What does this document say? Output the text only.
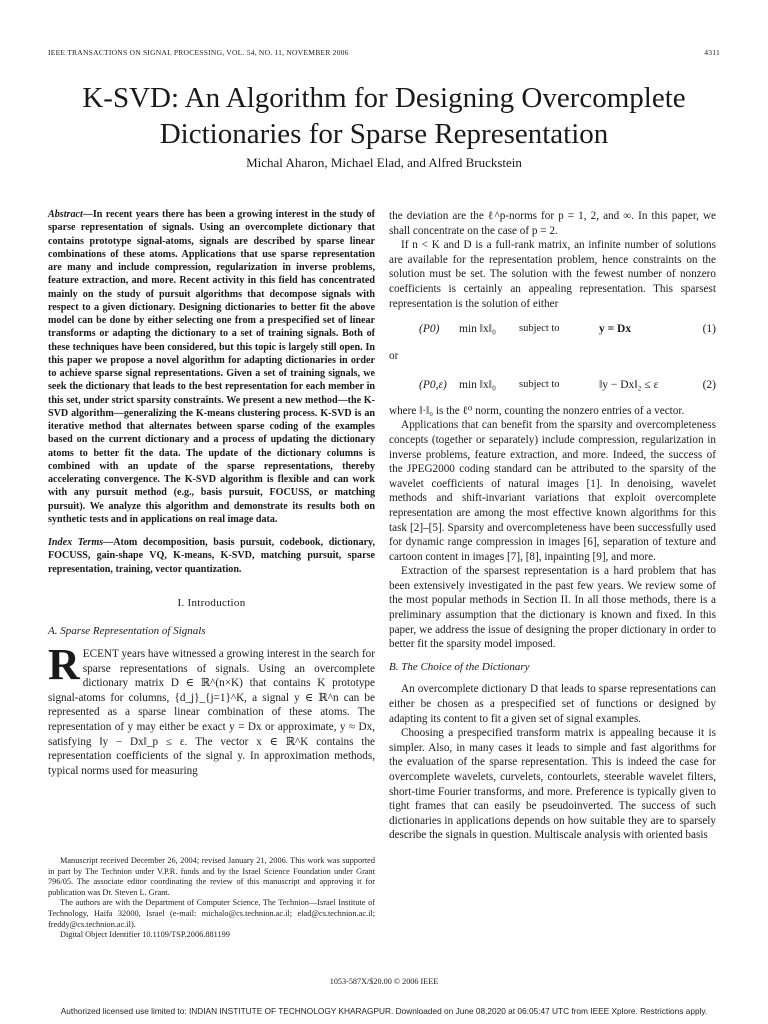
IEEE TRANSACTIONS ON SIGNAL PROCESSING, VOL. 54, NO. 11, NOVEMBER 2006	4311
K-SVD: An Algorithm for Designing Overcomplete
Dictionaries for Sparse Representation
Michal Aharon, Michael Elad, and Alfred Bruckstein
Abstract—In recent years there has been a growing interest in the study of sparse representation of signals. Using an overcomplete dictionary that contains prototype signal-atoms, signals are described by sparse linear combinations of these atoms. Applications that use sparse representation are many and include compression, regularization in inverse problems, feature extraction, and more. Recent activity in this field has concentrated mainly on the study of pursuit algorithms that decompose signals with respect to a given dictionary. Designing dictionaries to better fit the above model can be done by either selecting one from a prespecified set of linear transforms or adapting the dictionary to a set of training signals. Both of these techniques have been considered, but this topic is largely still open. In this paper we propose a novel algorithm for adapting dictionaries in order to achieve sparse signal representations. Given a set of training signals, we seek the dictionary that leads to the best representation for each member in this set, under strict sparsity constraints. We present a new method—the K-SVD algorithm—generalizing the K-means clustering process. K-SVD is an iterative method that alternates between sparse coding of the examples based on the current dictionary and a process of updating the dictionary atoms to better fit the data. The update of the dictionary columns is combined with an update of the sparse representations, thereby accelerating convergence. The K-SVD algorithm is flexible and can work with any pursuit method (e.g., basis pursuit, FOCUSS, or matching pursuit). We analyze this algorithm and demonstrate its results both on synthetic tests and in applications on real image data.
Index Terms—Atom decomposition, basis pursuit, codebook, dictionary, FOCUSS, gain-shape VQ, K-means, K-SVD, matching pursuit, sparse representation, training, vector quantization.
I. Introduction
A. Sparse Representation of Signals

RECENT years have witnessed a growing interest in the search for sparse representations of signals. Using an overcomplete dictionary matrix D ∈ ℝ^(n×K) that contains K prototype signal-atoms for columns, {d_j}_{j=1}^K, a signal y ∈ ℝ^n can be represented as a sparse linear combination of these atoms. The representation of y may either be exact y = Dx or approximate, y ≈ Dx, satisfying ‖y − Dx‖_p ≤ ε. The vector x ∈ ℝ^K contains the representation coefficients of the signal y. In approximation methods, typical norms used for measuring

Manuscript received December 26, 2004; revised January 21, 2006. This work was supported in part by The Technion under V.P.R. funds and by the Israel Science Foundation under Grant 796/05. The associate editor coordinating the review of this manuscript and approving it for publication was Dr. Steven L. Grant.

The authors are with the Department of Computer Science, The Technion—Israel Institute of Technology, Haifa 32000, Israel (e-mail: michalo@cs.technion.ac.il; elad@cs.technion.ac.il; freddy@cs.technion.ac.il).

Digital Object Identifier 10.1109/TSP.2006.881199

the deviation are the ℓ^p-norms for p = 1, 2, and ∞. In this paper, we shall concentrate on the case of p = 2.

If n < K and D is a full-rank matrix, an infinite number of solutions are available for the representation problem, hence constraints on the solution must be set. The solution with the fewest number of nonzero coefficients is certainly an appealing representation. This sparsest representation is the solution of either

(P0)	min ‖x‖₀	subject to	y = Dx	(1)
or
(P0,ε)	min ‖x‖₀	subject to	‖y − Dx‖₂ ≤ ε	(2)

where ‖·‖₀ is the ℓ⁰ norm, counting the nonzero entries of a vector.

Applications that can benefit from the sparsity and overcompleteness concepts (together or separately) include compression, regularization in inverse problems, feature extraction, and more. Indeed, the success of the JPEG2000 coding standard can be attributed to the sparsity of the wavelet coefficients of natural images [1]. In denoising, wavelet methods and shift-invariant variations that exploit overcomplete representation are among the most effective known algorithms for this task [2]–[5]. Sparsity and overcompleteness have been successfully used for dynamic range compression in images [6], separation of texture and cartoon content in images [7], [8], inpainting [9], and more.

Extraction of the sparsest representation is a hard problem that has been extensively investigated in the past few years. We review some of the most popular methods in Section II. In all those methods, there is a preliminary assumption that the dictionary is known and fixed. In this paper, we address the issue of designing the proper dictionary in order to better fit the sparsity model imposed.

B. The Choice of the Dictionary

An overcomplete dictionary D that leads to sparse representations can either be chosen as a prespecified set of functions or designed by adapting its content to fit a given set of signal examples.

Choosing a prespecified transform matrix is appealing because it is simpler. Also, in many cases it leads to simple and fast algorithms for the evaluation of the sparse representation. This is indeed the case for overcomplete wavelets, curvelets, contourlets, steerable wavelet filters, short-time Fourier transforms, and more. Preference is typically given to tight frames that can easily be pseudoinverted. The success of such dictionaries in applications depends on how suitable they are to sparsely describe the signals in question. Multiscale analysis with oriented basis

1053-587X/$20.00 © 2006 IEEE
Authorized licensed use limited to: INDIAN INSTITUTE OF TECHNOLOGY KHARAGPUR. Downloaded on June 08,2020 at 06:05:47 UTC from IEEE Xplore. Restrictions apply.
